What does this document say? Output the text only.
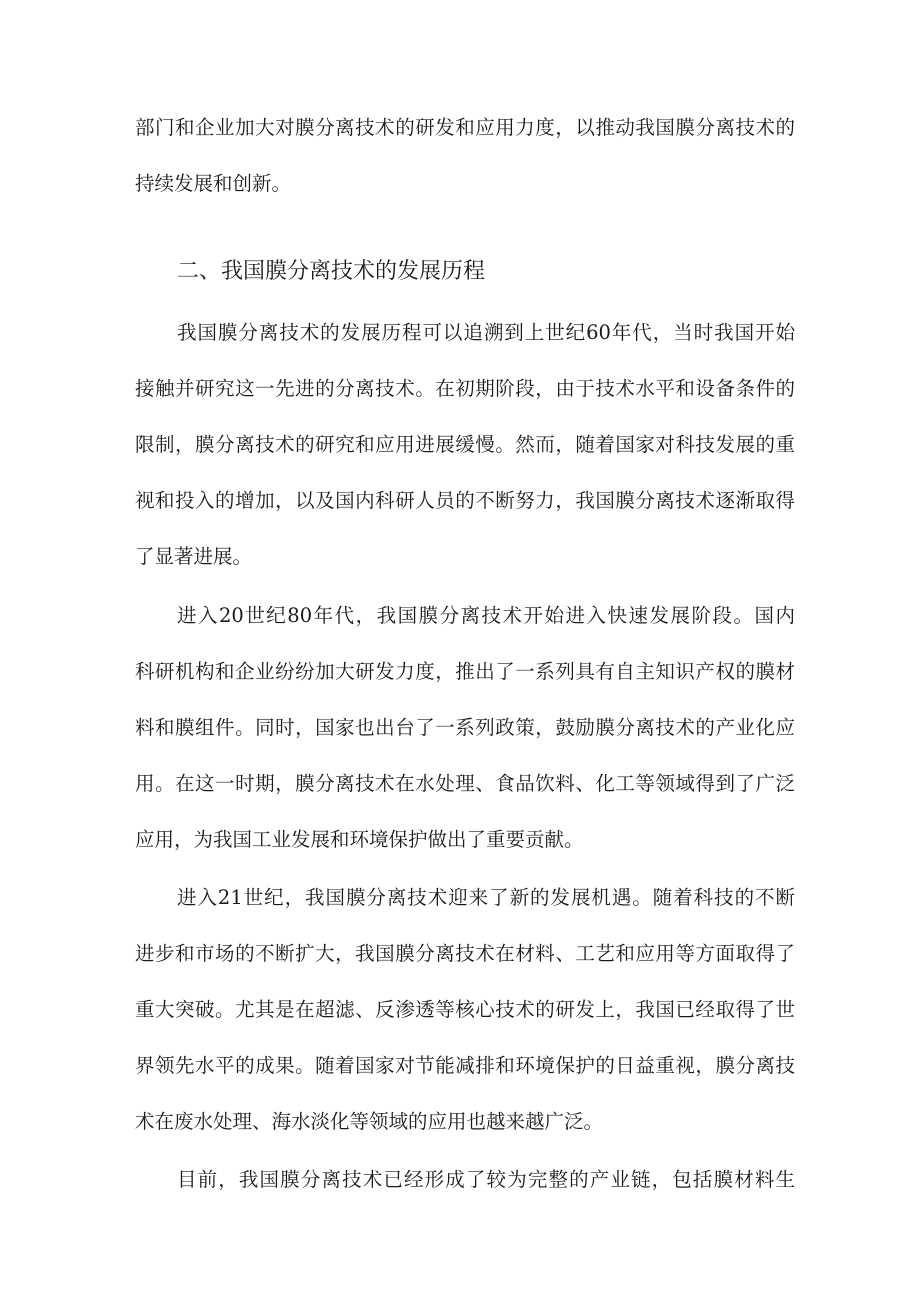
部门和企业加大对膜分离技术的研发和应用力度，以推动我国膜分离技术的
持续发展和创新。
二、我国膜分离技术的发展历程
我国膜分离技术的发展历程可以追溯到上世纪60年代，当时我国开始
接触并研究这一先进的分离技术。在初期阶段，由于技术水平和设备条件的
限制，膜分离技术的研究和应用进展缓慢。然而，随着国家对科技发展的重
视和投入的增加，以及国内科研人员的不断努力，我国膜分离技术逐渐取得
了显著进展。
进入20世纪80年代，我国膜分离技术开始进入快速发展阶段。国内
科研机构和企业纷纷加大研发力度，推出了一系列具有自主知识产权的膜材
料和膜组件。同时，国家也出台了一系列政策，鼓励膜分离技术的产业化应
用。在这一时期，膜分离技术在水处理、食品饮料、化工等领域得到了广泛
应用，为我国工业发展和环境保护做出了重要贡献。
进入21世纪，我国膜分离技术迎来了新的发展机遇。随着科技的不断
进步和市场的不断扩大，我国膜分离技术在材料、工艺和应用等方面取得了
重大突破。尤其是在超滤、反渗透等核心技术的研发上，我国已经取得了世
界领先水平的成果。随着国家对节能减排和环境保护的日益重视，膜分离技
术在废水处理、海水淡化等领域的应用也越来越广泛。
目前，我国膜分离技术已经形成了较为完整的产业链，包括膜材料生
